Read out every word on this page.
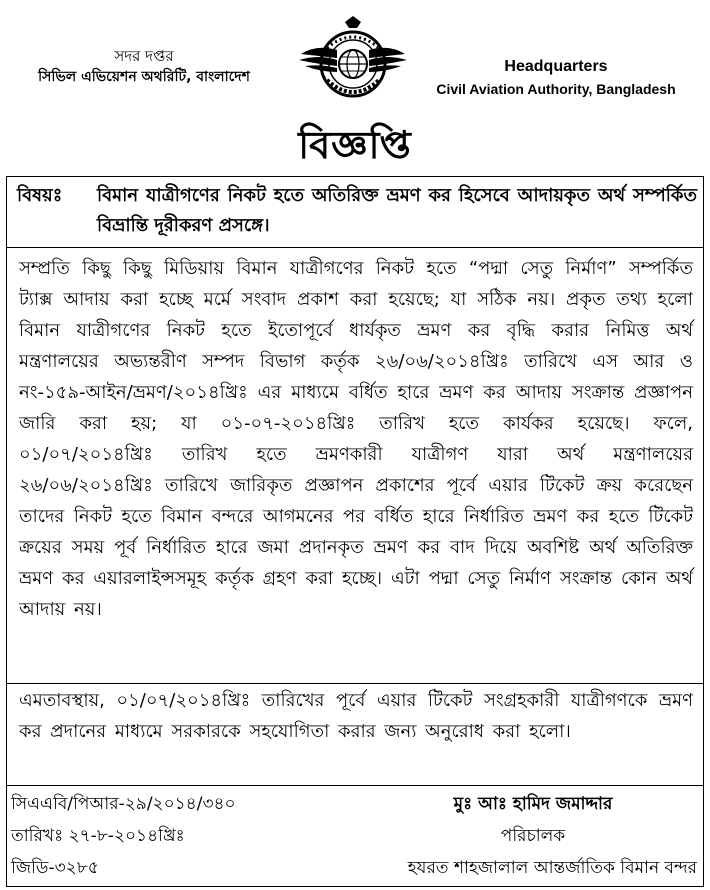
সদর দপ্তর
সিভিল এভিয়েশন অথরিটি, বাংলাদেশ
Headquarters
Civil Aviation Authority, Bangladesh
বিজ্ঞপ্তি
বিষয়ঃ বিমান যাত্রীগণের নিকট হতে অতিরিক্ত ভ্রমণ কর হিসেবে আদায়কৃত অর্থ সম্পর্কিত বিভ্রান্তি দূরীকরণ প্রসঙ্গে।
সম্প্রতি কিছু কিছু মিডিয়ায় বিমান যাত্রীগণের নিকট হতে “পদ্মা সেতু নির্মাণ” সম্পর্কিত ট্যাক্স আদায় করা হচ্ছে মর্মে সংবাদ প্রকাশ করা হয়েছে; যা সঠিক নয়। প্রকৃত তথ্য হলো বিমান যাত্রীগণের নিকট হতে ইতোপূর্বে ধার্যকৃত ভ্রমণ কর বৃদ্ধি করার নিমিত্ত অর্থ মন্ত্রণালয়ের অভ্যন্তরীণ সম্পদ বিভাগ কর্তৃক ২৬/০৬/২০১৪খ্রিঃ তারিখে এস আর ও নং-১৫৯-আইন/ভ্রমণ/২০১৪খ্রিঃ এর মাধ্যমে বর্ধিত হারে ভ্রমণ কর আদায় সংক্রান্ত প্রজ্ঞাপন জারি করা হয়; যা ০১-০৭-২০১৪খ্রিঃ তারিখ হতে কার্যকর হয়েছে। ফলে, ০১/০৭/২০১৪খ্রিঃ তারিখ হতে ভ্রমণকারী যাত্রীগণ যারা অর্থ মন্ত্রণালয়ের ২৬/০৬/২০১৪খ্রিঃ তারিখে জারিকৃত প্রজ্ঞাপন প্রকাশের পূর্বে এয়ার টিকেট ক্রয় করেছেন তাদের নিকট হতে বিমান বন্দরে আগমনের পর বর্ধিত হারে নির্ধারিত ভ্রমণ কর হতে টিকেট ক্রয়ের সময় পূর্ব নির্ধারিত হারে জমা প্রদানকৃত ভ্রমণ কর বাদ দিয়ে অবশিষ্ট অর্থ অতিরিক্ত ভ্রমণ কর এয়ারলাইন্সসমূহ কর্তৃক গ্রহণ করা হচ্ছে। এটা পদ্মা সেতু নির্মাণ সংক্রান্ত কোন অর্থ আদায় নয়।
এমতাবস্থায়, ০১/০৭/২০১৪খ্রিঃ তারিখের পূর্বে এয়ার টিকেট সংগ্রহকারী যাত্রীগণকে ভ্রমণ কর প্রদানের মাধ্যমে সরকারকে সহযোগিতা করার জন্য অনুরোধ করা হলো।
সিএএবি/পিআর-২৯/২০১৪/৩৪০
তারিখঃ ২৭-৮-২০১৪খ্রিঃ
জিডি-৩২৮৫
মুঃ আঃ হামিদ জমাদ্দার
পরিচালক
হযরত শাহজালাল আন্তর্জাতিক বিমান বন্দর
